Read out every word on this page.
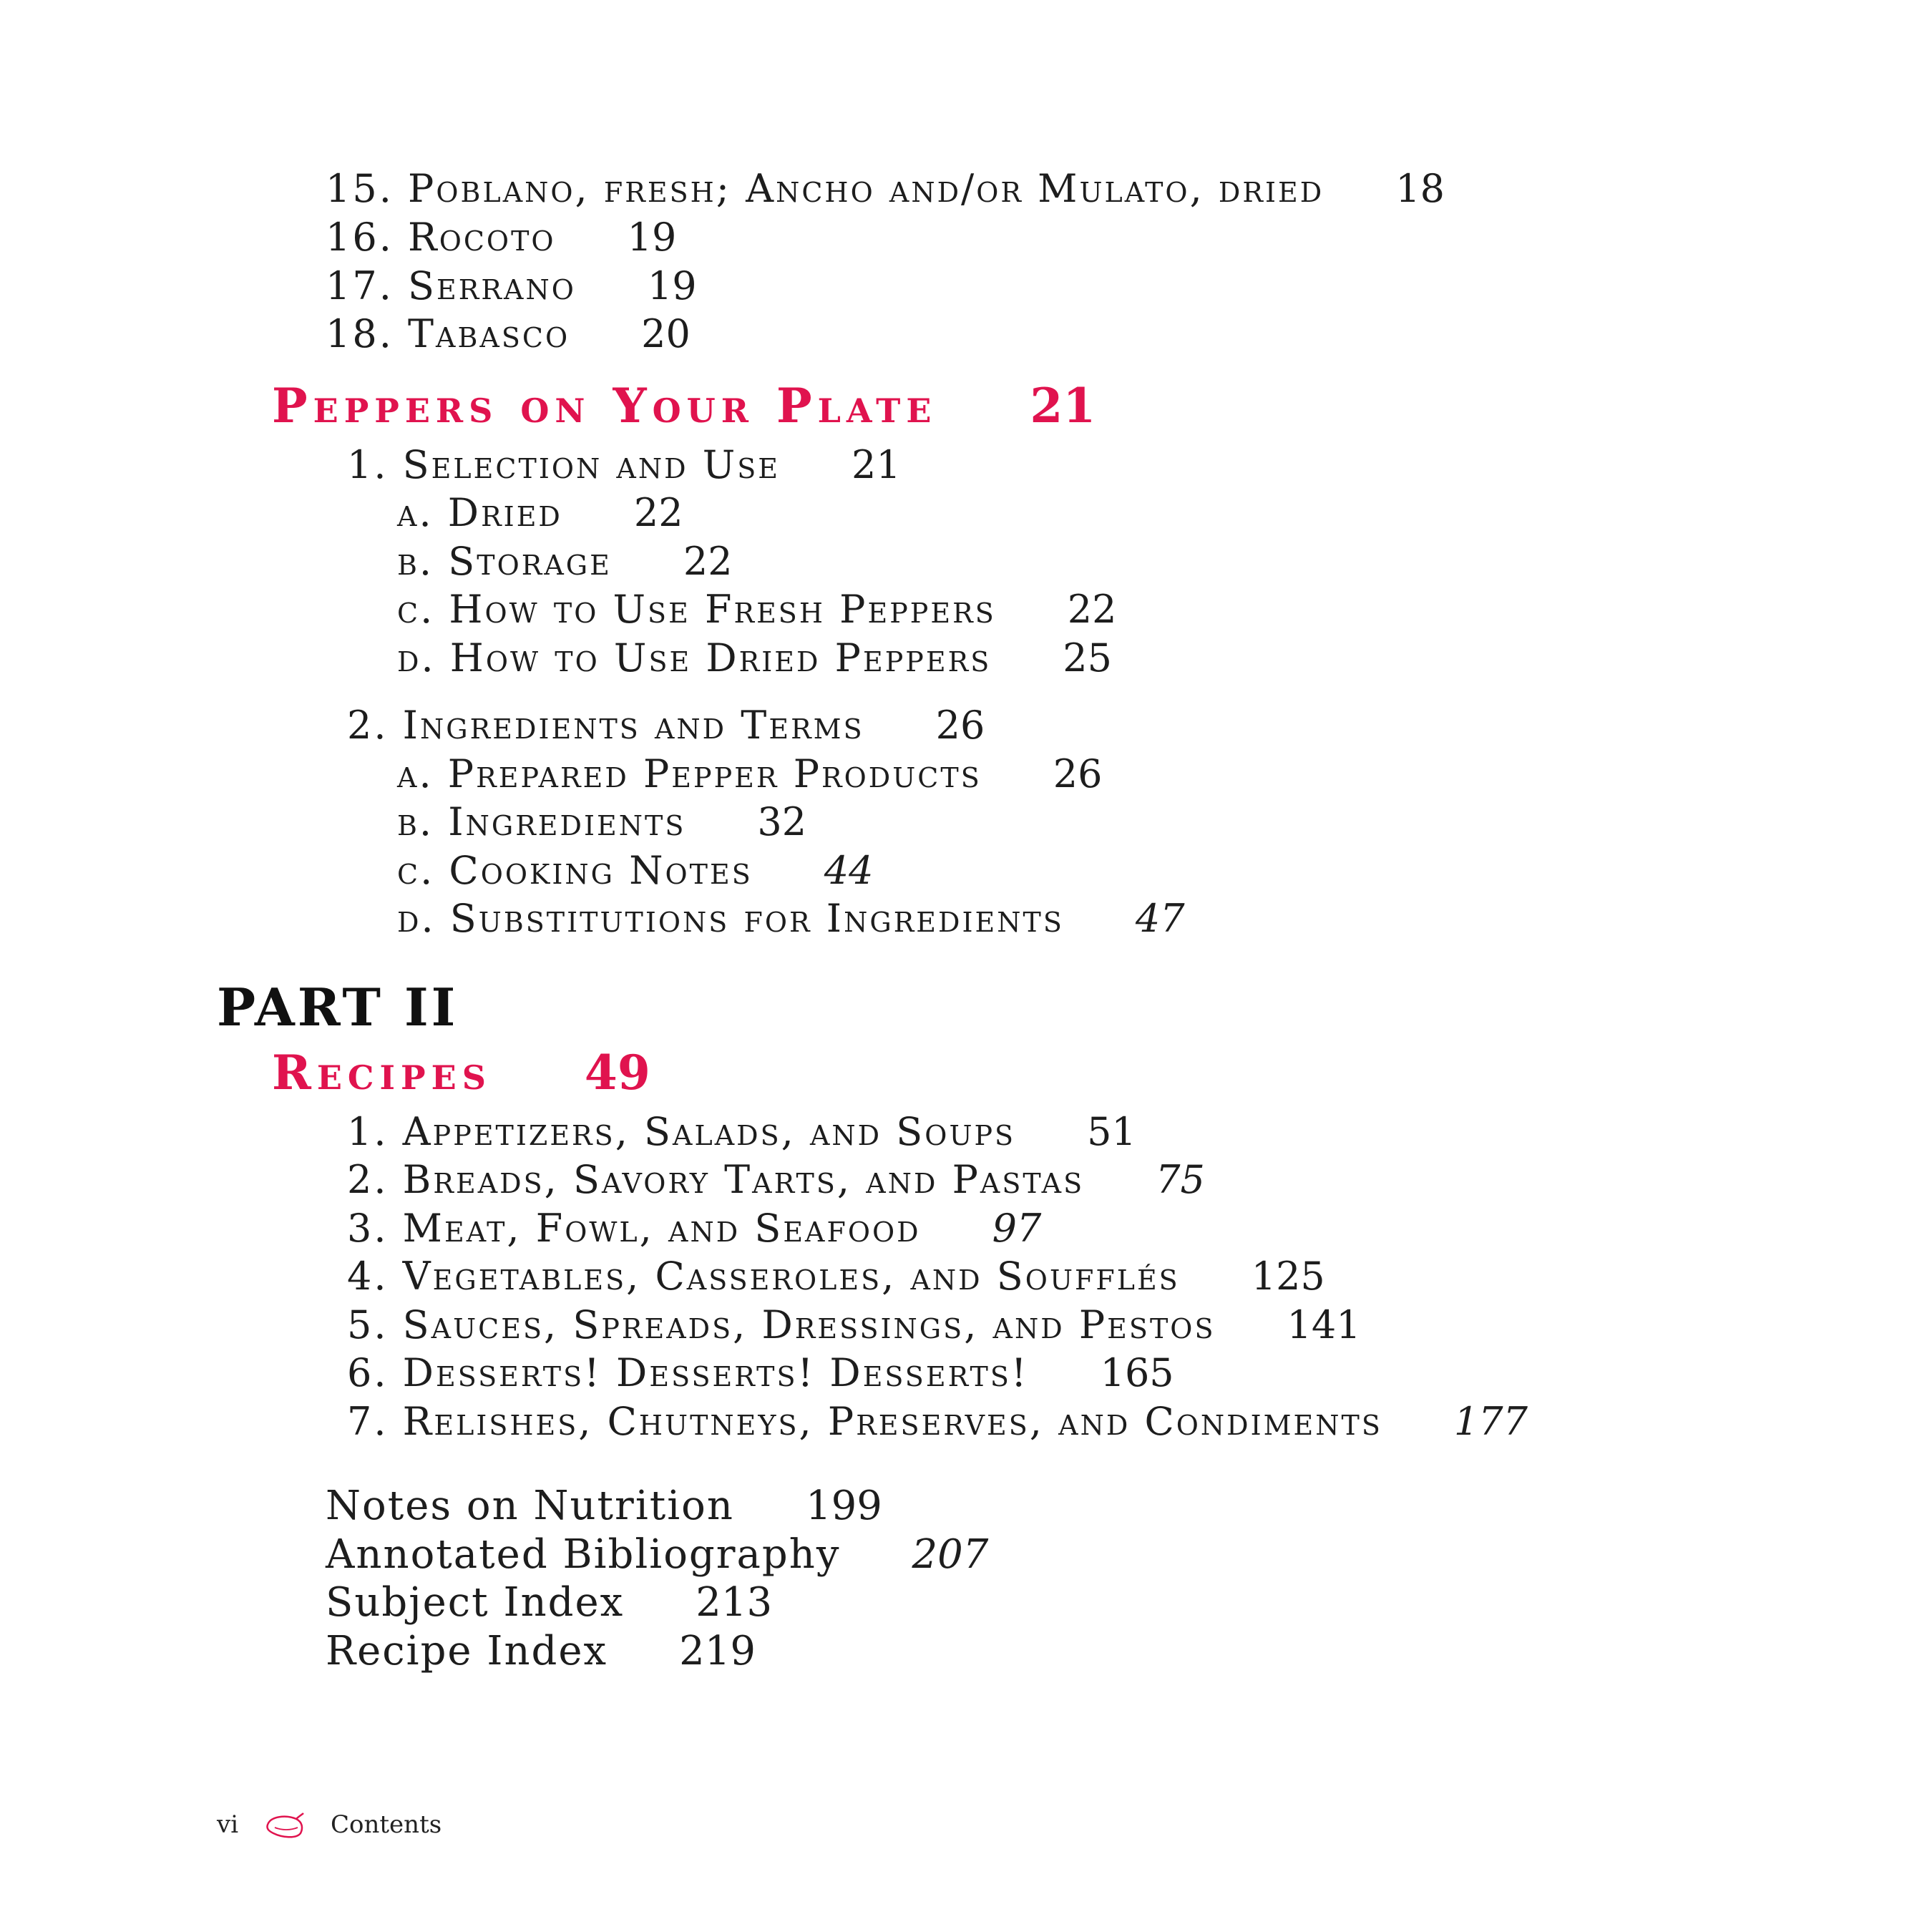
15. Poblano, fresh; Ancho and/or Mulato, dried 18
16. Rocoto 19
17. Serrano 19
18. Tabasco 20
Peppers on Your Plate 21
1. Selection and Use 21
a. Dried 22
b. Storage 22
c. How to Use Fresh Peppers 22
d. How to Use Dried Peppers 25
2. Ingredients and Terms 26
a. Prepared Pepper Products 26
b. Ingredients 32
c. Cooking Notes 44
d. Substitutions for Ingredients 47
PART II
Recipes 49
1. Appetizers, Salads, and Soups 51
2. Breads, Savory Tarts, and Pastas 75
3. Meat, Fowl, and Seafood 97
4. Vegetables, Casseroles, and Soufflés 125
5. Sauces, Spreads, Dressings, and Pestos 141
6. Desserts! Desserts! Desserts! 165
7. Relishes, Chutneys, Preserves, and Condiments 177
Notes on Nutrition 199
Annotated Bibliography 207
Subject Index 213
Recipe Index 219
vi	Contents
